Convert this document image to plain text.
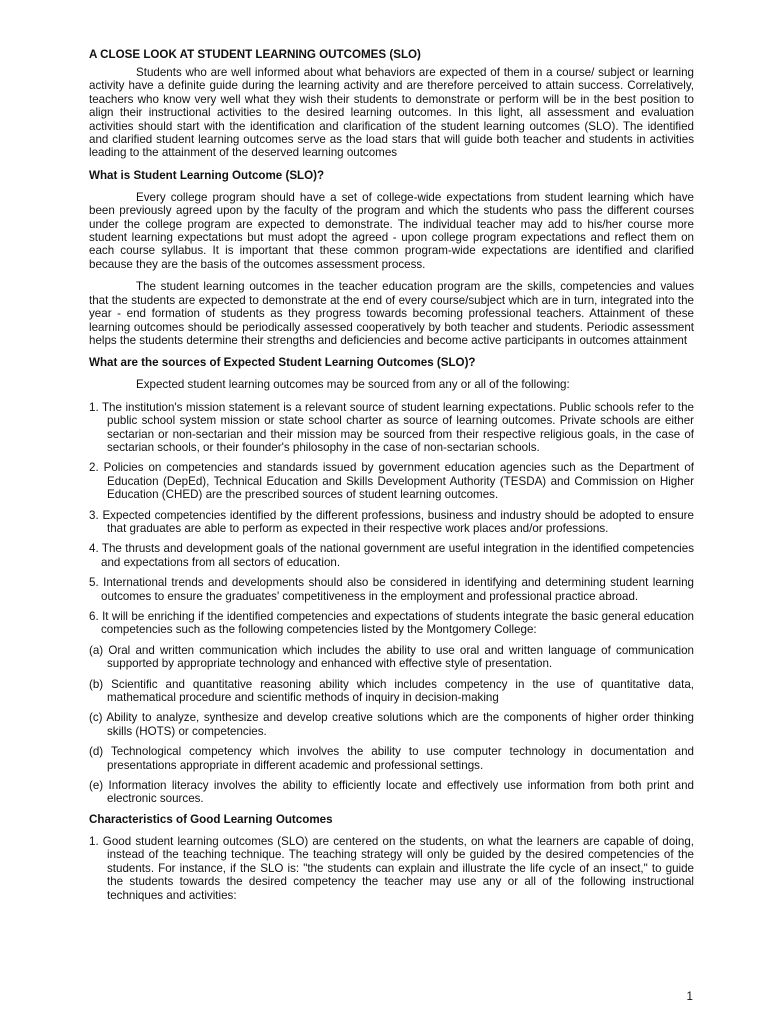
A CLOSE LOOK AT STUDENT LEARNING OUTCOMES (SLO)

Students who are well informed about what behaviors are expected of them in a course/ subject or learning activity have a definite guide during the learning activity and are therefore perceived to attain success. Correlatively, teachers who know very well what they wish their students to demonstrate or perform will be in the best position to align their instructional activities to the desired learning outcomes. In this light, all assessment and evaluation activities should start with the identification and clarification of the student learning outcomes (SLO). The identified and clarified student learning outcomes serve as the load stars that will guide both teacher and students in activities leading to the attainment of the deserved learning outcomes

What is Student Learning Outcome (SLO)?

Every college program should have a set of college-wide expectations from student learning which have been previously agreed upon by the faculty of the program and which the students who pass the different courses under the college program are expected to demonstrate. The individual teacher may add to his/her course more student learning expectations but must adopt the agreed - upon college program expectations and reflect them on each course syllabus. It is important that these common program-wide expectations are identified and clarified because they are the basis of the outcomes assessment process.

The student learning outcomes in the teacher education program are the skills, competencies and values that the students are expected to demonstrate at the end of every course/subject which are in turn, integrated into the year - end formation of students as they progress towards becoming professional teachers. Attainment of these learning outcomes should be periodically assessed cooperatively by both teacher and students. Periodic assessment helps the students determine their strengths and deficiencies and become active participants in outcomes attainment

What are the sources of Expected Student Learning Outcomes (SLO)?

Expected student learning outcomes may be sourced from any or all of the following:

1. The institution's mission statement is a relevant source of student learning expectations. Public schools refer to the public school system mission or state school charter as source of learning outcomes. Private schools are either sectarian or non-sectarian and their mission may be sourced from their respective religious goals, in the case of sectarian schools, or their founder's philosophy in the case of non-sectarian schools.

2. Policies on competencies and standards issued by government education agencies such as the Department of Education (DepEd), Technical Education and Skills Development Authority (TESDA) and Commission on Higher Education (CHED) are the prescribed sources of student learning outcomes.

3. Expected competencies identified by the different professions, business and industry should be adopted to ensure that graduates are able to perform as expected in their respective work places and/or professions.

4. The thrusts and development goals of the national government are useful integration in the identified competencies and expectations from all sectors of education.

5. International trends and developments should also be considered in identifying and determining student learning outcomes to ensure the graduates' competitiveness in the employment and professional practice abroad.

6. It will be enriching if the identified competencies and expectations of students integrate the basic general education competencies such as the following competencies listed by the Montgomery College:

(a) Oral and written communication which includes the ability to use oral and written language of communication supported by appropriate technology and enhanced with effective style of presentation.

(b) Scientific and quantitative reasoning ability which includes competency in the use of quantitative data, mathematical procedure and scientific methods of inquiry in decision-making

(c) Ability to analyze, synthesize and develop creative solutions which are the components of higher order thinking skills (HOTS) or competencies.

(d) Technological competency which involves the ability to use computer technology in documentation and presentations appropriate in different academic and professional settings.

(e) Information literacy involves the ability to efficiently locate and effectively use information from both print and electronic sources.

Characteristics of Good Learning Outcomes

1. Good student learning outcomes (SLO) are centered on the students, on what the learners are capable of doing, instead of the teaching technique. The teaching strategy will only be guided by the desired competencies of the students. For instance, if the SLO is: "the students can explain and illustrate the life cycle of an insect," to guide the students towards the desired competency the teacher may use any or all of the following instructional techniques and activities:

1
